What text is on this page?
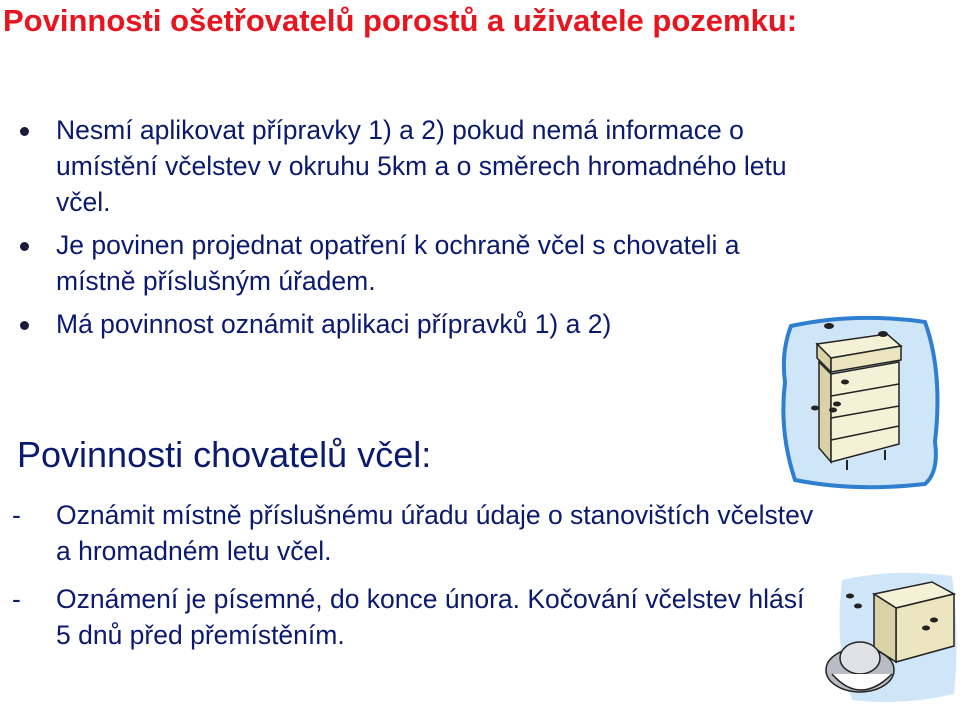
Povinnosti ošetřovatelů porostů a uživatele pozemku:
Nesmí aplikovat přípravky 1) a 2) pokud nemá informace o umístění včelstev v okruhu 5km a o směrech hromadného letu včel.
Je povinen projednat opatření k ochraně včel s chovateli a místně příslušným úřadem.
Má povinnost oznámit aplikaci přípravků 1) a 2)
Povinnosti chovatelů včel:
- Oznámit místně příslušnému úřadu údaje o stanovištích včelstev a hromadném letu včel.
- Oznámení je písemné, do konce února. Kočování včelstev hlásí 5 dnů před přemístěním.
